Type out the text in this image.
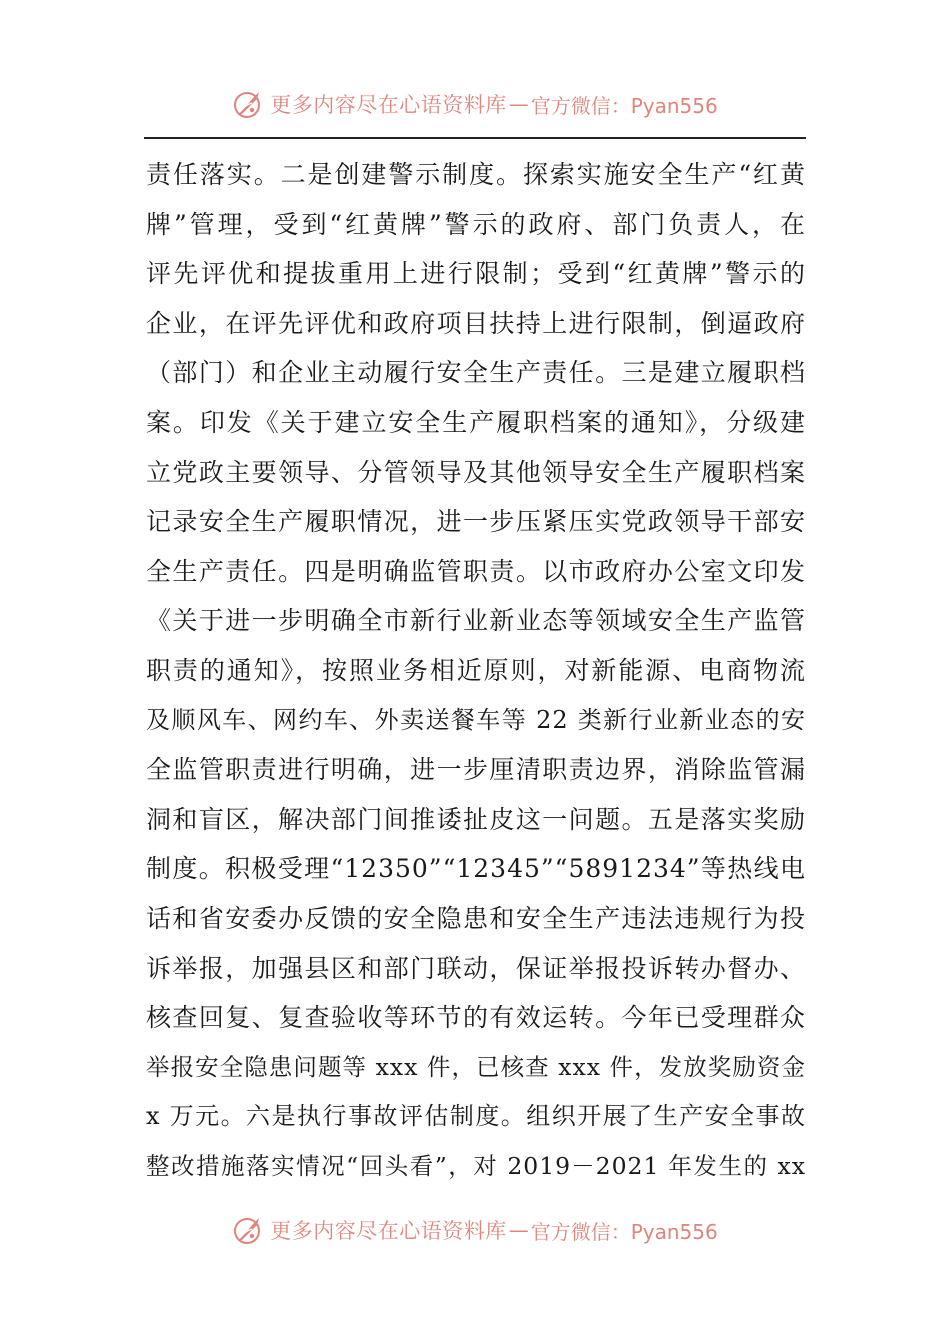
更多内容尽在心语资料库 — 官方微信：Pyan556
责任落实。二是创建警示制度。探索实施安全生产“红黄
牌”管理，受到“红黄牌”警示的政府、部门负责人，在
评先评优和提拔重用上进行限制；受到“红黄牌”警示的
企业，在评先评优和政府项目扶持上进行限制，倒逼政府
（部门）和企业主动履行安全生产责任。三是建立履职档
案。印发《关于建立安全生产履职档案的通知》，分级建
立党政主要领导、分管领导及其他领导安全生产履职档案
记录安全生产履职情况，进一步压紧压实党政领导干部安
全生产责任。四是明确监管职责。以市政府办公室文印发
《关于进一步明确全市新行业新业态等领域安全生产监管
职责的通知》，按照业务相近原则，对新能源、电商物流
及顺风车、网约车、外卖送餐车等 22 类新行业新业态的安
全监管职责进行明确，进一步厘清职责边界，消除监管漏
洞和盲区，解决部门间推诿扯皮这一问题。五是落实奖励
制度。积极受理“12350”“12345”“5891234”等热线电
话和省安委办反馈的安全隐患和安全生产违法违规行为投
诉举报，加强县区和部门联动，保证举报投诉转办督办、
核查回复、复查验收等环节的有效运转。今年已受理群众
举报安全隐患问题等 xxx 件，已核查 xxx 件，发放奖励资金
x 万元。六是执行事故评估制度。组织开展了生产安全事故
整改措施落实情况“回头看”，对 2019－2021 年发生的 xx
更多内容尽在心语资料库 — 官方微信：Pyan556
